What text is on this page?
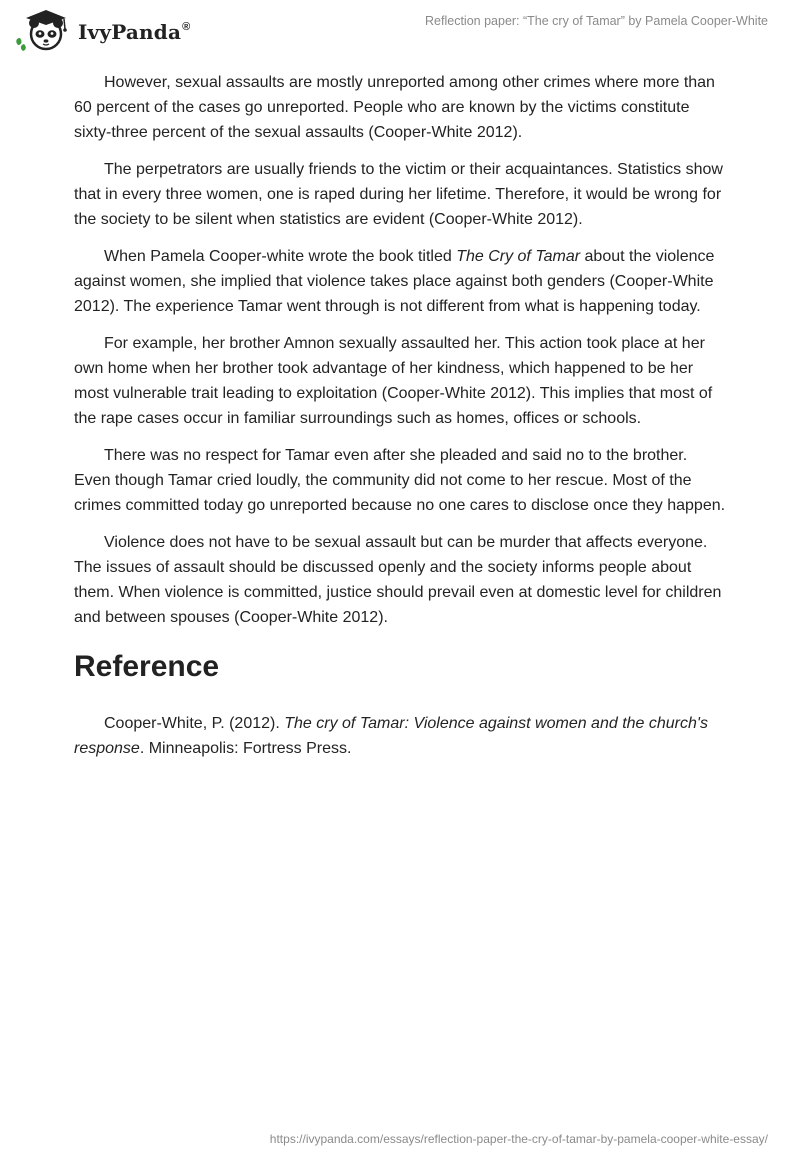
IvyPanda®	Reflection paper: “The cry of Tamar” by Pamela Cooper-White

However, sexual assaults are mostly unreported among other crimes where more than 60 percent of the cases go unreported. People who are known by the victims constitute sixty-three percent of the sexual assaults (Cooper-White 2012).

The perpetrators are usually friends to the victim or their acquaintances. Statistics show that in every three women, one is raped during her lifetime. Therefore, it would be wrong for the society to be silent when statistics are evident (Cooper-White 2012).

When Pamela Cooper-white wrote the book titled The Cry of Tamar about the violence against women, she implied that violence takes place against both genders (Cooper-White 2012). The experience Tamar went through is not different from what is happening today.

For example, her brother Amnon sexually assaulted her. This action took place at her own home when her brother took advantage of her kindness, which happened to be her most vulnerable trait leading to exploitation (Cooper-White 2012). This implies that most of the rape cases occur in familiar surroundings such as homes, offices or schools.

There was no respect for Tamar even after she pleaded and said no to the brother. Even though Tamar cried loudly, the community did not come to her rescue. Most of the crimes committed today go unreported because no one cares to disclose once they happen.

Violence does not have to be sexual assault but can be murder that affects everyone. The issues of assault should be discussed openly and the society informs people about them. When violence is committed, justice should prevail even at domestic level for children and between spouses (Cooper-White 2012).

Reference

Cooper-White, P. (2012). The cry of Tamar: Violence against women and the church's response. Minneapolis: Fortress Press.

https://ivypanda.com/essays/reflection-paper-the-cry-of-tamar-by-pamela-cooper-white-essay/
